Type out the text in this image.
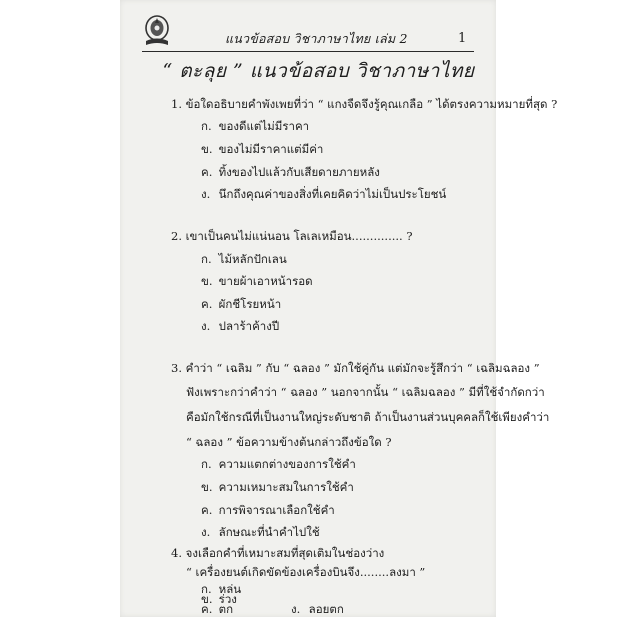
แนวข้อสอบ วิชาภาษาไทย เล่ม 2	1
“ ตะลุย ” แนวข้อสอบ วิชาภาษาไทย
1. ข้อใดอธิบายคำพังเพยที่ว่า “ แกงจืดจึงรู้คุณเกลือ ” ได้ตรงความหมายที่สุด ?
ก. ของดีแต่ไม่มีราคา
ข. ของไม่มีราคาแต่มีค่า
ค. ทิ้งของไปแล้วกับเสียดายภายหลัง
ง. นึกถึงคุณค่าของสิ่งที่เคยคิดว่าไม่เป็นประโยชน์
2. เขาเป็นคนไม่แน่นอน โลเลเหมือน.............. ?
ก. ไม้หลักปักเลน
ข. ขายผ้าเอาหน้ารอด
ค. ผักชีโรยหน้า
ง. ปลาร้าค้างปี
3. คำว่า “ เฉลิม ” กับ “ ฉลอง ” มักใช้คู่กัน แต่มักจะรู้สึกว่า “ เฉลิมฉลอง ”
ฟังเพราะกว่าคำว่า “ ฉลอง ” นอกจากนั้น “ เฉลิมฉลอง ” มีที่ใช้จำกัดกว่า
คือมักใช้กรณีที่เป็นงานใหญ่ระดับชาติ ถ้าเป็นงานส่วนบุคคลก็ใช้เพียงคำว่า
“ ฉลอง ” ข้อความข้างต้นกล่าวถึงข้อใด ?
ก. ความแตกต่างของการใช้คำ
ข. ความเหมาะสมในการใช้คำ
ค. การพิจารณาเลือกใช้คำ
ง. ลักษณะที่นำคำไปใช้
4. จงเลือกคำที่เหมาะสมที่สุดเติมในช่องว่าง
“ เครื่องยนต์เกิดขัดข้องเครื่องบินจึง........ลงมา ”
ก. หล่น
ข. ร่วง
ค. ตก	ง. ลอยตก
